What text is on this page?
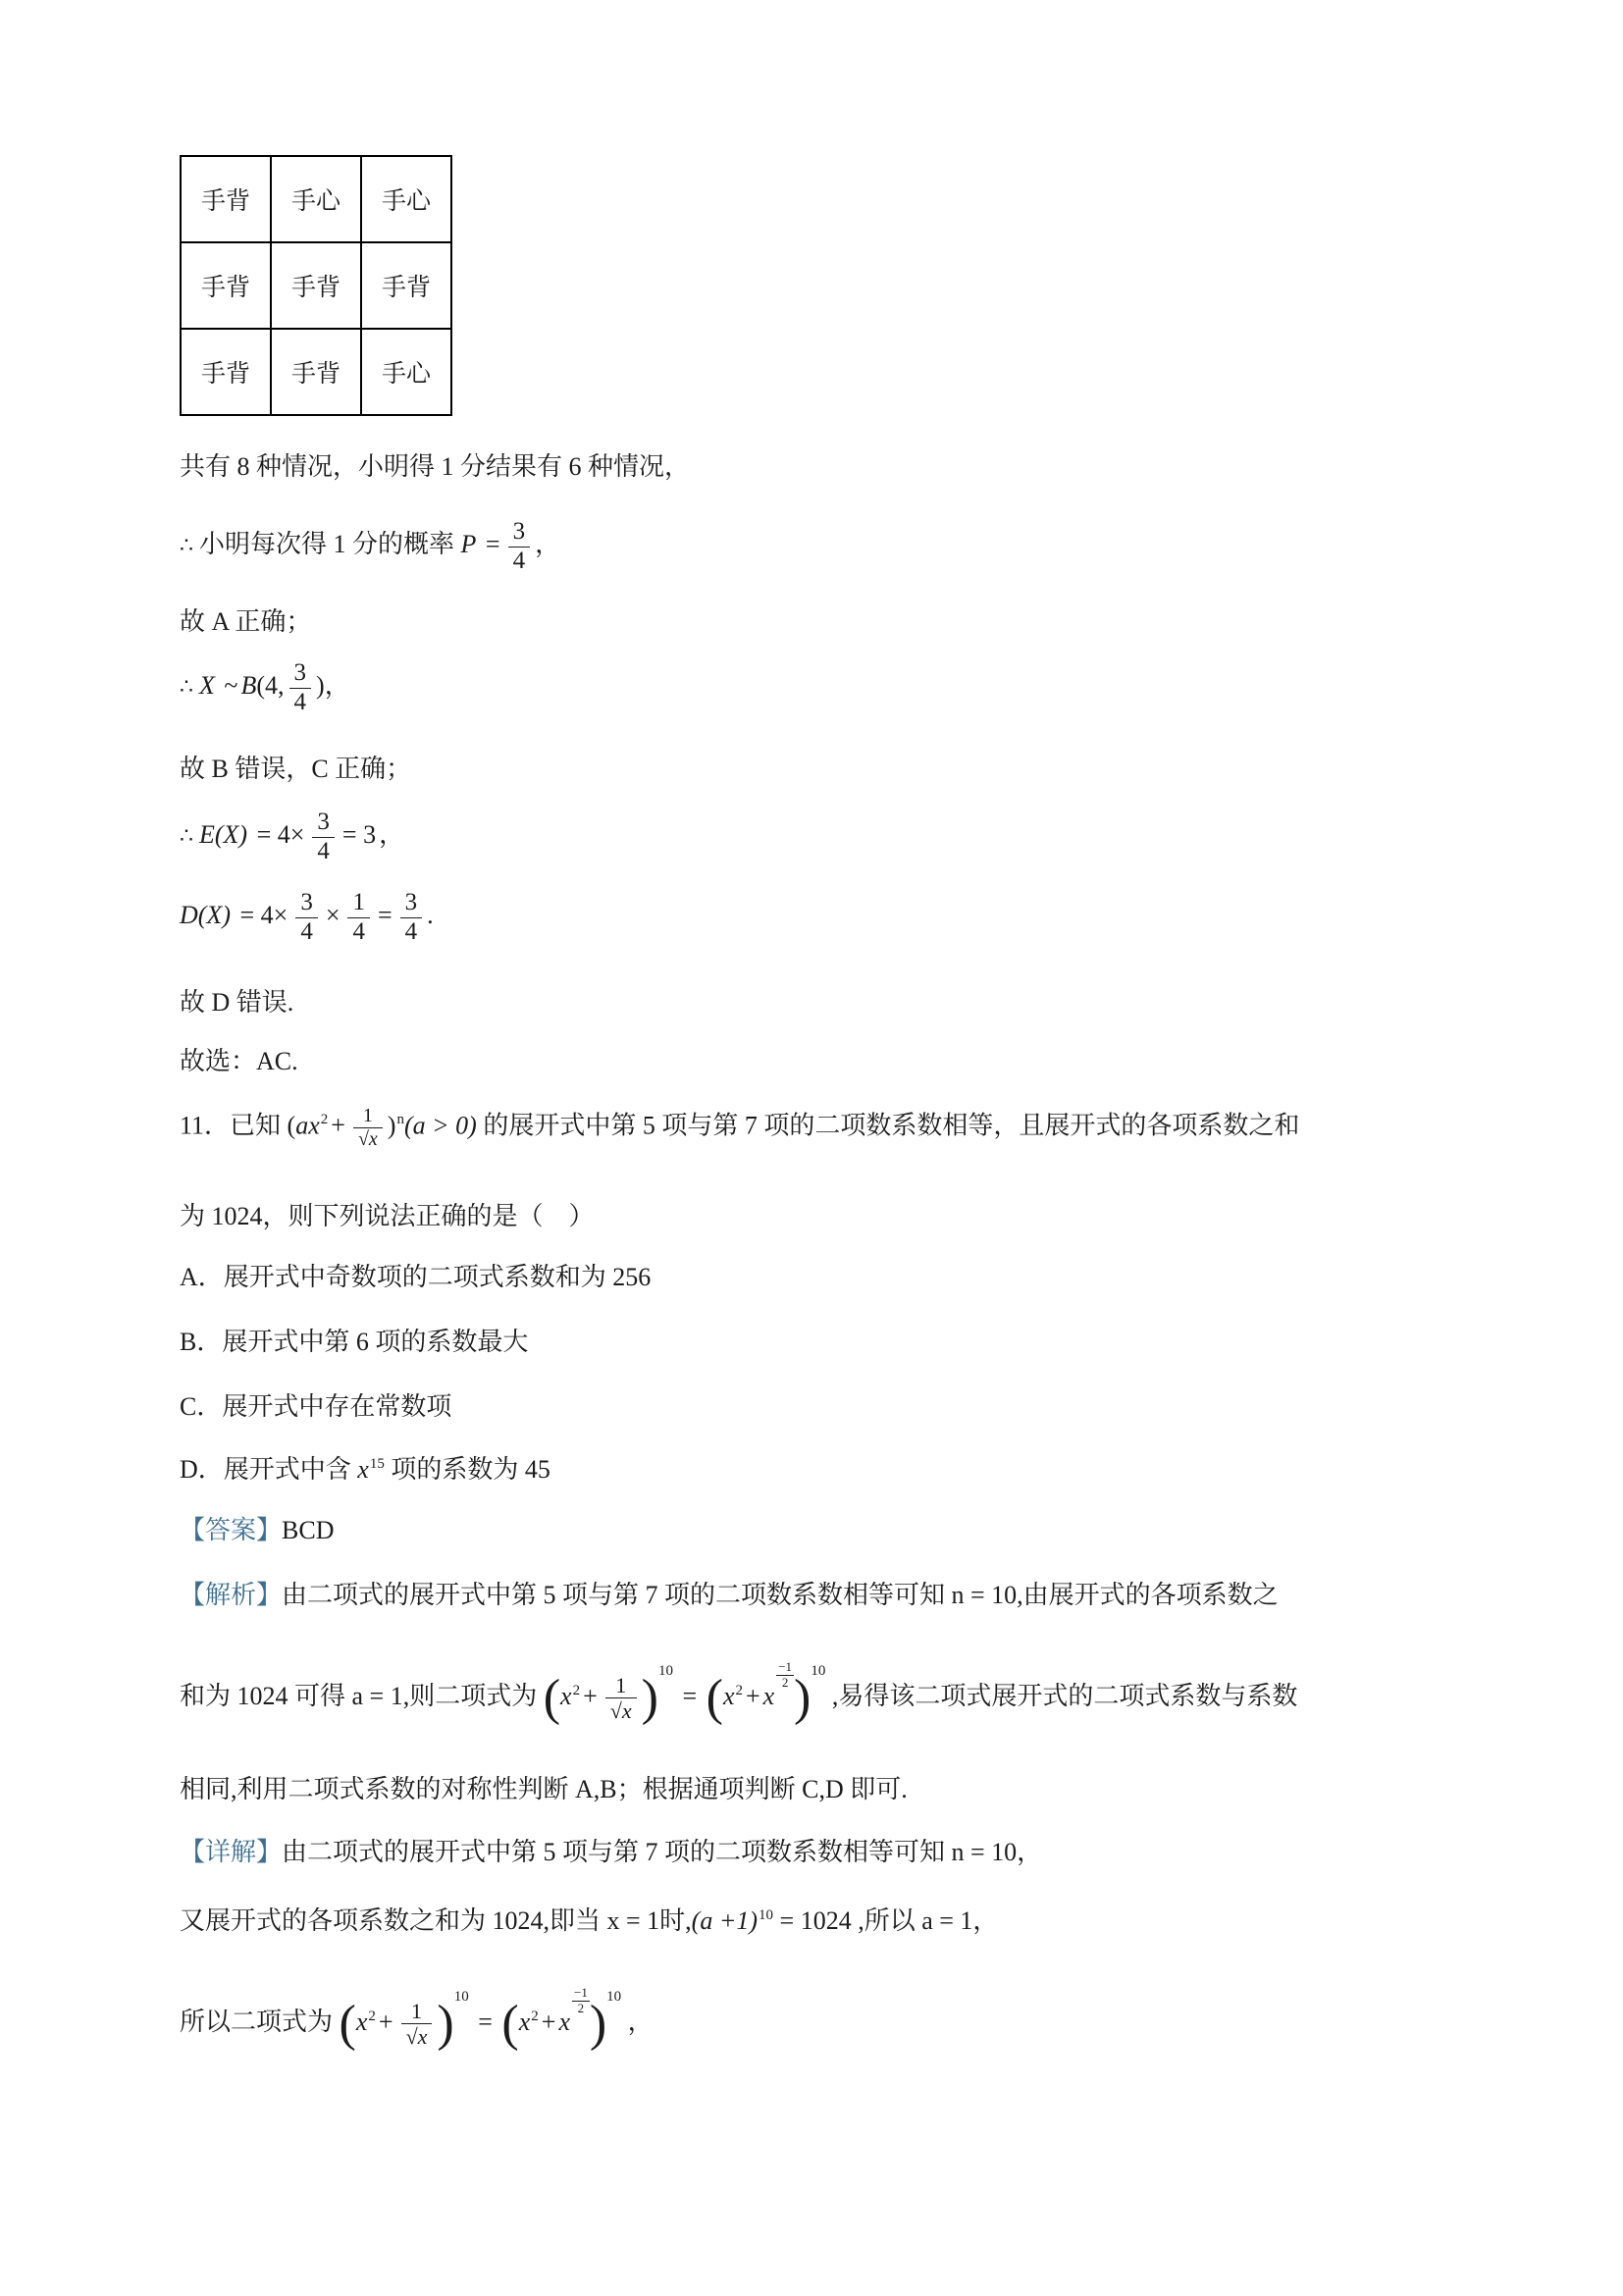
手背	手心	手心
手背	手背	手背
手背	手背	手心
共有 8 种情况，小明得 1 分结果有 6 种情况，
∴ 小明每次得 1 分的概率 $P = \frac{3}{4}$ ，
故 A 正确；
∴ X ~ B(4, $\frac{3}{4}$ )，
故 B 错误，C 正确；
∴ $E(X) = 4\times \frac{3}{4} = 3$ ，
$D(X) = 4\times \frac{3}{4} \times \frac{1}{4} = \frac{3}{4}$ .
故 D 错误.
故选：AC.
11．已知 $(ax^2 + \frac{1}{√x} )^n(a > 0)$ 的展开式中第 5 项与第 7 项的二项数系数相等，且展开式的各项系数之和
为 1024，则下列说法正确的是（　）
A．展开式中奇数项的二项式系数和为 256
B．展开式中第 6 项的系数最大
C．展开式中存在常数项
D．展开式中含 $x^{15}$ 项的系数为 45
【答案】BCD
【解析】由二项式的展开式中第 5 项与第 7 项的二项数系数相等可知 n = 10,由展开式的各项系数之
和为 1024 可得 a = 1,则二项式为 $(x^2 + \frac{1}{√x} )^{10} = (x^2 + x$
$\frac{-1}{2} )^{10}$ ,易得该二项式展开式的二项式系数与系数
相同,利用二项式系数的对称性判断 A,B；根据通项判断 C,D 即可.
【详解】由二项式的展开式中第 5 项与第 7 项的二项数系数相等可知 n = 10，
又展开式的各项系数之和为 1024,即当 x = 1时$,(a +1)^{10} = 1024$ ,所以 a = 1，
所以二项式为 $(x^2 + \frac{1}{√x} )^{10} = (x^2 + x$
$\frac{-1}{2} )^{10}$ ，
